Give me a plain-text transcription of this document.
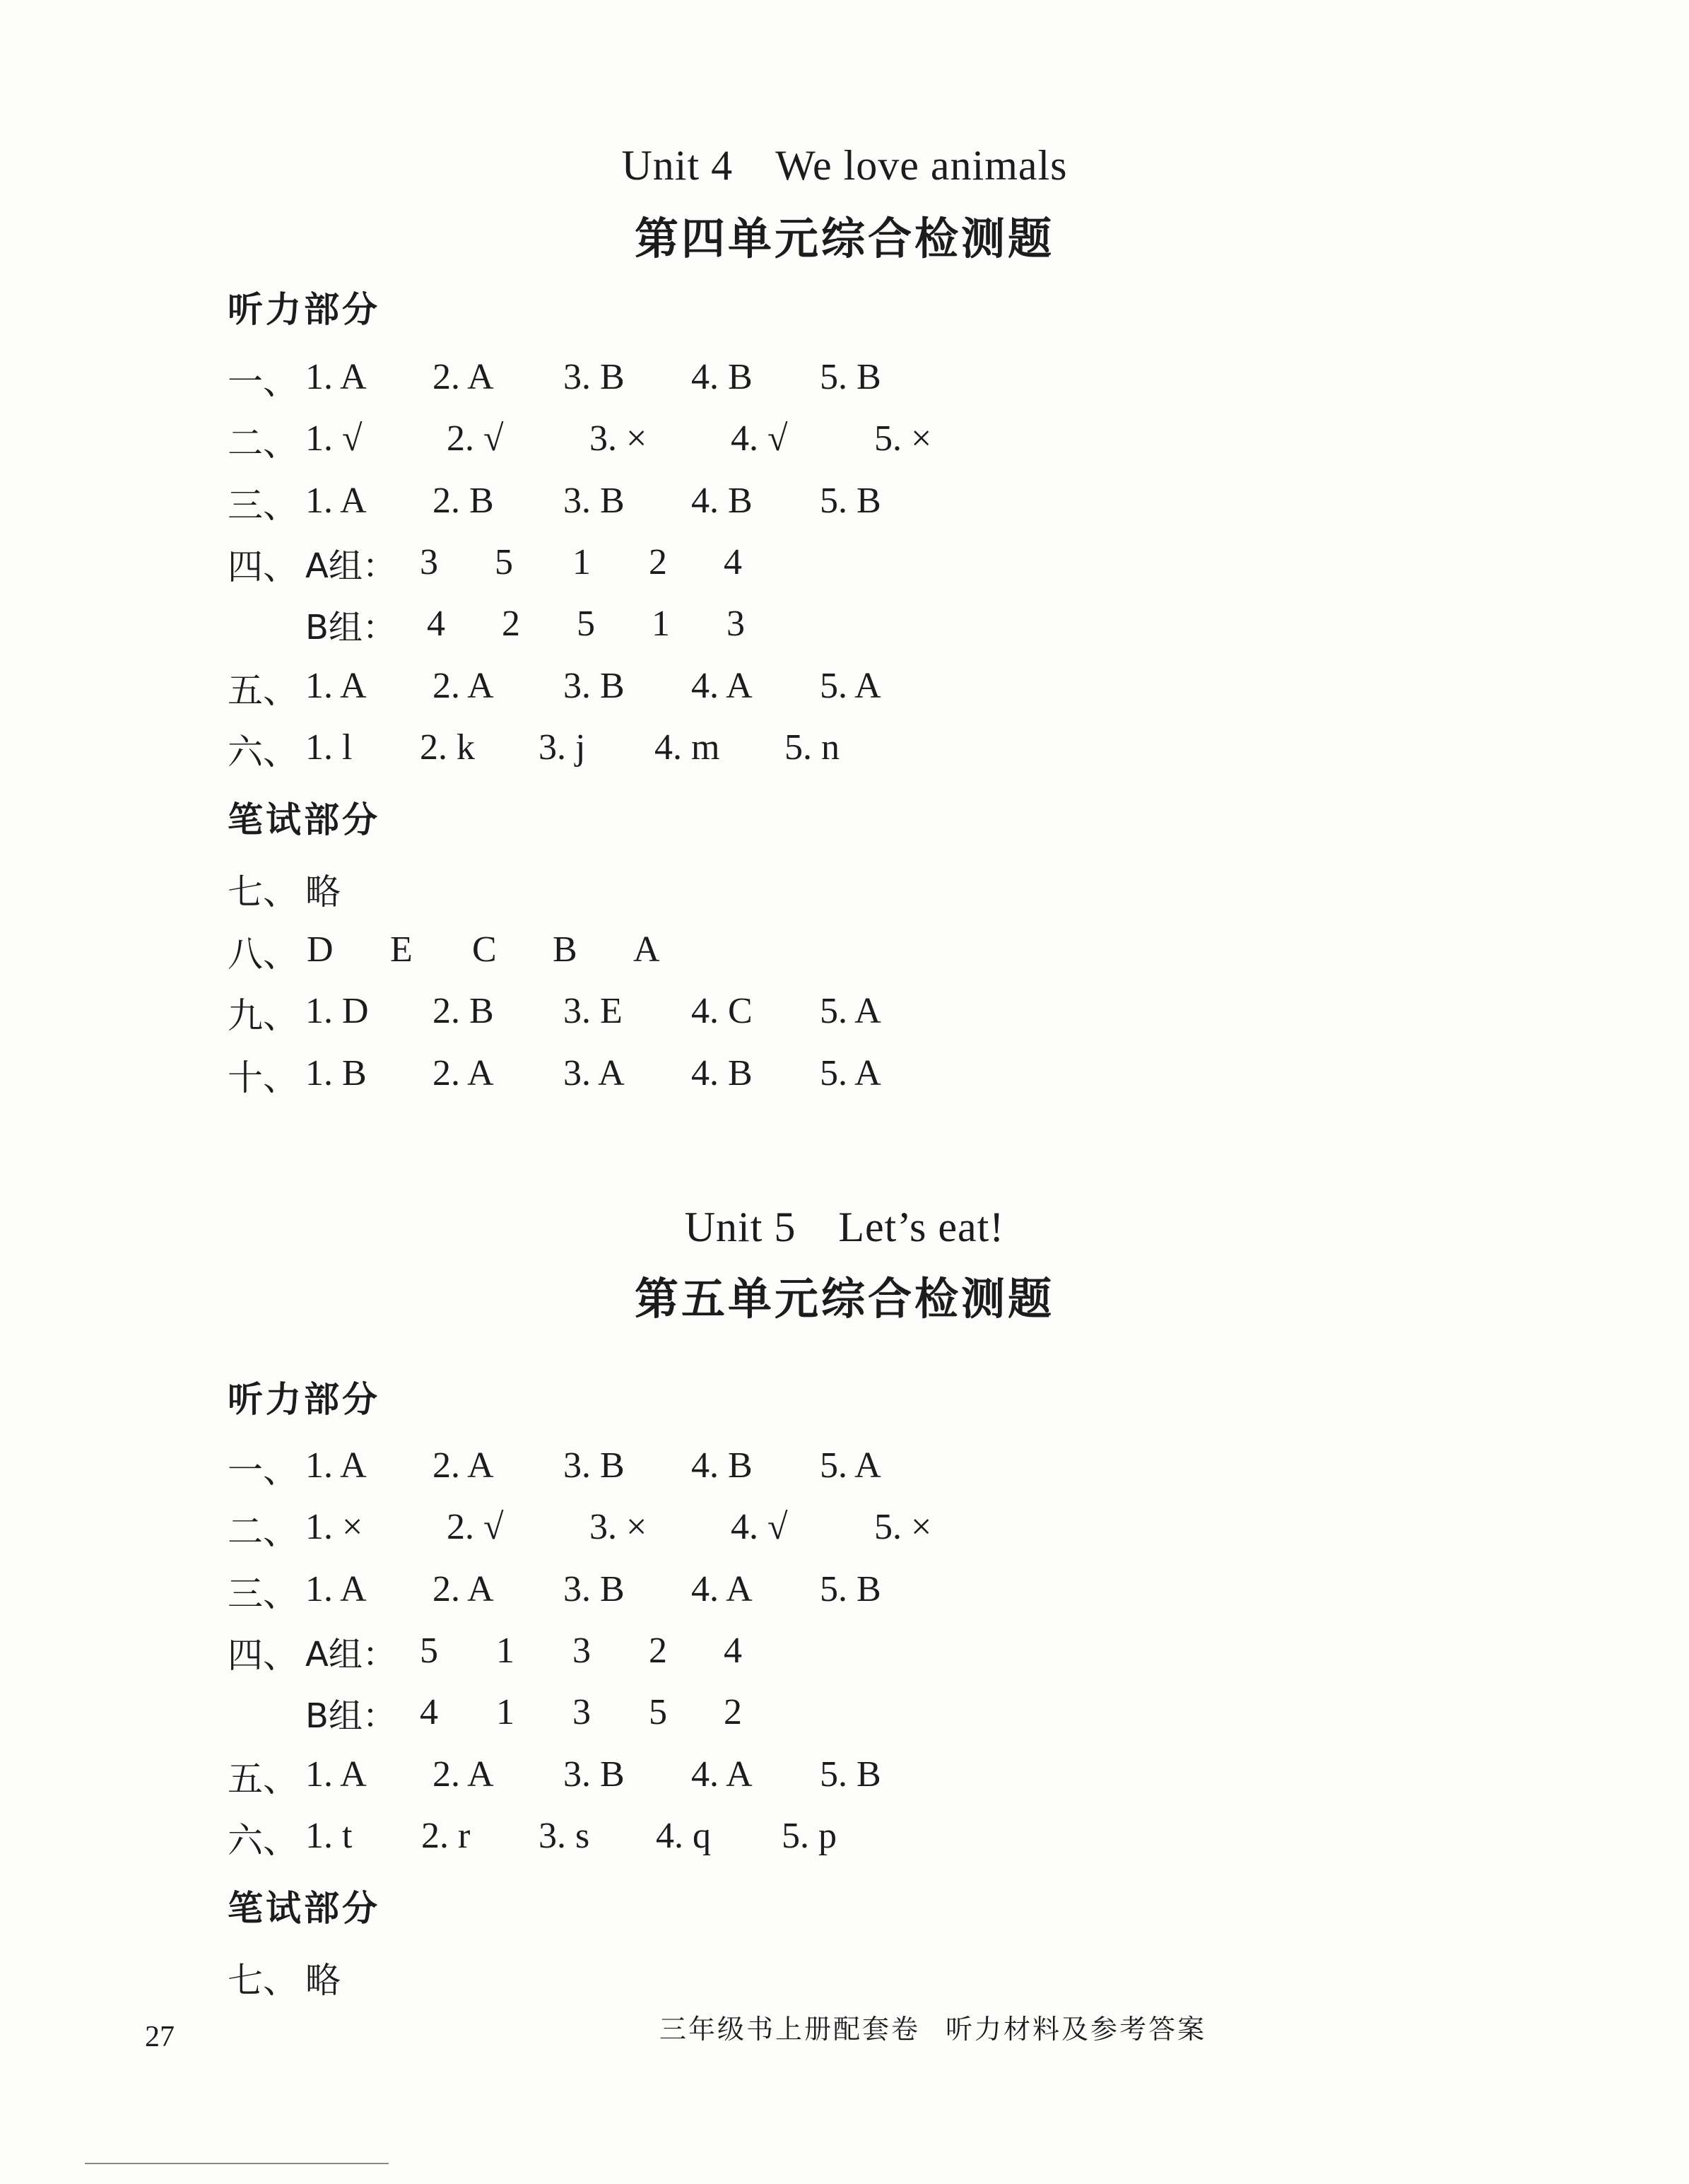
Unit 4 We love animals
第四单元综合检测题
听力部分
一、 1. A 2. A 3. B 4. B 5. B
二、 1. √ 2. √ 3. × 4. √ 5. ×
三、 1. A 2. B 3. B 4. B 5. B
四、 A组： 3 5 1 2 4
B组： 4 2 5 1 3
五、 1. A 2. A 3. B 4. A 5. A
六、 1. l 2. k 3. j 4. m 5. n
笔试部分
七、 略
八、 D E C B A
九、 1. D 2. B 3. E 4. C 5. A
十、 1. B 2. A 3. A 4. B 5. A
Unit 5 Let’s eat!
第五单元综合检测题
听力部分
一、 1. A 2. A 3. B 4. B 5. A
二、 1. × 2. √ 3. × 4. √ 5. ×
三、 1. A 2. A 3. B 4. A 5. B
四、 A组： 5 1 3 2 4
B组： 4 1 3 5 2
五、 1. A 2. A 3. B 4. A 5. B
六、 1. t 2. r 3. s 4. q 5. p
笔试部分
七、 略
三年级书上册配套卷 听力材料及参考答案
27
